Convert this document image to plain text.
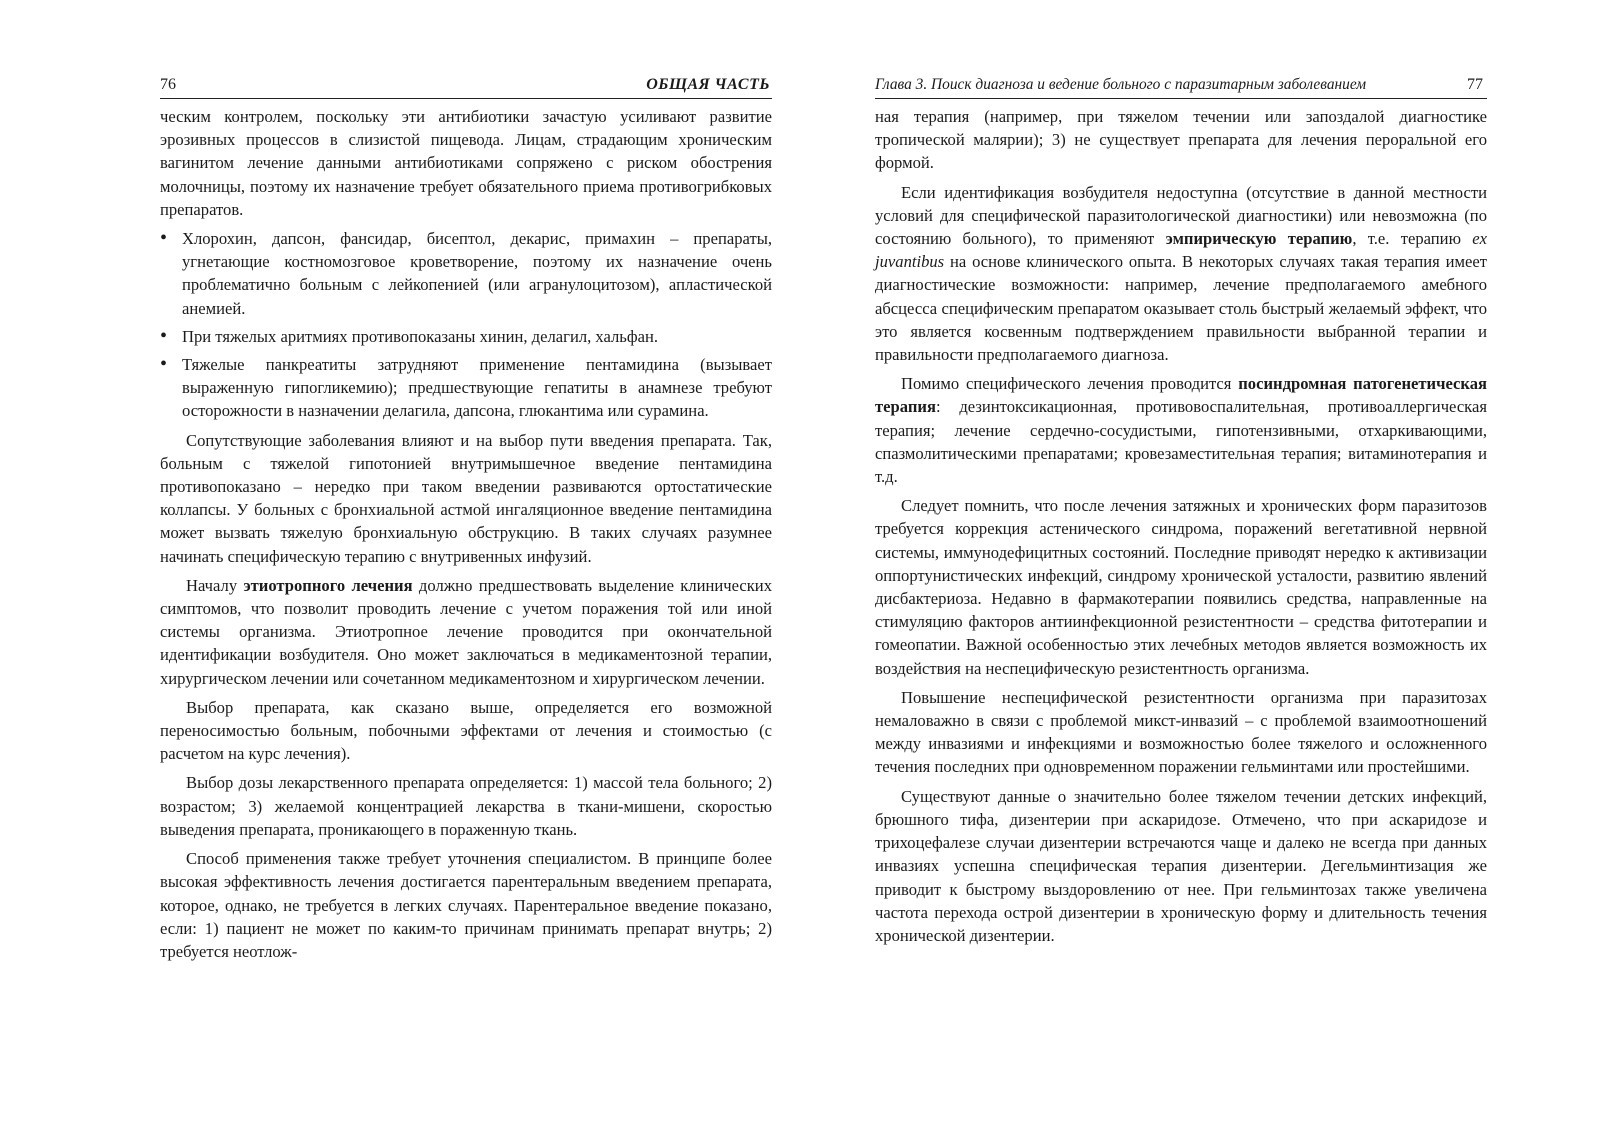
76	ОБЩАЯ ЧАСТЬ

ческим контролем, поскольку эти антибиотики зачастую усиливают развитие эрозивных процессов в слизистой пищевода. Лицам, страдающим хроническим вагинитом лечение данными антибиотиками сопряжено с риском обострения молочницы, поэтому их назначение требует обязательного приема противогрибковых препаратов.

• Хлорохин, дапсон, фансидар, бисептол, декарис, примахин – препараты, угнетающие костномозговое кроветворение, поэтому их назначение очень проблематично больным с лейкопенией (или агранулоцитозом), апластической анемией.
• При тяжелых аритмиях противопоказаны хинин, делагил, хальфан.
• Тяжелые панкреатиты затрудняют применение пентамидина (вызывает выраженную гипогликемию); предшествующие гепатиты в анамнезе требуют осторожности в назначении делагила, дапсона, глюкантима или сурамина.

Сопутствующие заболевания влияют и на выбор пути введения препарата. Так, больным с тяжелой гипотонией внутримышечное введение пентамидина противопоказано – нередко при таком введении развиваются ортостатические коллапсы. У больных с бронхиальной астмой ингаляционное введение пентамидина может вызвать тяжелую бронхиальную обструкцию. В таких случаях разумнее начинать специфическую терапию с внутривенных инфузий.

Началу этиотропного лечения должно предшествовать выделение клинических симптомов, что позволит проводить лечение с учетом поражения той или иной системы организма. Этиотропное лечение проводится при окончательной идентификации возбудителя. Оно может заключаться в медикаментозной терапии, хирургическом лечении или сочетанном медикаментозном и хирургическом лечении.

Выбор препарата, как сказано выше, определяется его возможной переносимостью больным, побочными эффектами от лечения и стоимостью (с расчетом на курс лечения).

Выбор дозы лекарственного препарата определяется: 1) массой тела больного; 2) возрастом; 3) желаемой концентрацией лекарства в ткани-мишени, скоростью выведения препарата, проникающего в пораженную ткань.

Способ применения также требует уточнения специалистом. В принципе более высокая эффективность лечения достигается парентеральным введением препарата, которое, однако, не требуется в легких случаях. Парентеральное введение показано, если: 1) пациент не может по каким-то причинам принимать препарат внутрь; 2) требуется неотлож-

Глава 3. Поиск диагноза и ведение больного с паразитарным заболеванием	77

ная терапия (например, при тяжелом течении или запоздалой диагностике тропической малярии); 3) не существует препарата для лечения пероральной его формой.

Если идентификация возбудителя недоступна (отсутствие в данной местности условий для специфической паразитологической диагностики) или невозможна (по состоянию больного), то применяют эмпирическую терапию, т.е. терапию ex juvantibus на основе клинического опыта. В некоторых случаях такая терапия имеет диагностические возможности: например, лечение предполагаемого амебного абсцесса специфическим препаратом оказывает столь быстрый желаемый эффект, что это является косвенным подтверждением правильности выбранной терапии и правильности предполагаемого диагноза.

Помимо специфического лечения проводится посиндромная патогенетическая терапия: дезинтоксикационная, противовоспалительная, противоаллергическая терапия; лечение сердечно-сосудистыми, гипотензивными, отхаркивающими, спазмолитическими препаратами; кровезаместительная терапия; витаминотерапия и т.д.

Следует помнить, что после лечения затяжных и хронических форм паразитозов требуется коррекция астенического синдрома, поражений вегетативной нервной системы, иммунодефицитных состояний. Последние приводят нередко к активизации оппортунистических инфекций, синдрому хронической усталости, развитию явлений дисбактериоза. Недавно в фармакотерапии появились средства, направленные на стимуляцию факторов антиинфекционной резистентности – средства фитотерапии и гомеопатии. Важной особенностью этих лечебных методов является возможность их воздействия на неспецифическую резистентность организма.

Повышение неспецифической резистентности организма при паразитозах немаловажно в связи с проблемой микст-инвазий – с проблемой взаимоотношений между инвазиями и инфекциями и возможностью более тяжелого и осложненного течения последних при одновременном поражении гельминтами или простейшими.

Существуют данные о значительно более тяжелом течении детских инфекций, брюшного тифа, дизентерии при аскаридозе. Отмечено, что при аскаридозе и трихоцефалезе случаи дизентерии встречаются чаще и далеко не всегда при данных инвазиях успешна специфическая терапия дизентерии. Дегельминтизация же приводит к быстрому выздоровлению от нее. При гельминтозах также увеличена частота перехода острой дизентерии в хроническую форму и длительность течения хронической дизентерии.
